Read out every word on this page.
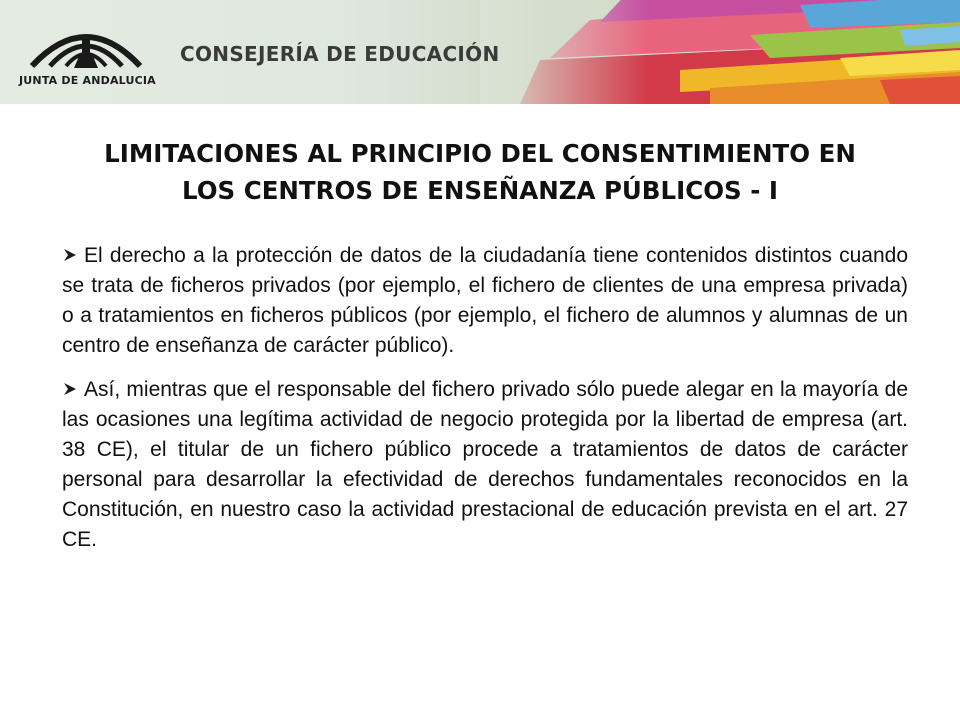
JUNTA DE ANDALUCIA
CONSEJERÍA DE EDUCACIÓN
LIMITACIONES AL PRINCIPIO DEL CONSENTIMIENTO EN
LOS CENTROS DE ENSEÑANZA PÚBLICOS - I

El derecho a la protección de datos de la ciudadanía tiene contenidos distintos cuando se trata de ficheros privados (por ejemplo, el fichero de clientes de una empresa privada) o a tratamientos en ficheros públicos (por ejemplo, el fichero de alumnos y alumnas de un centro de enseñanza de carácter público).

Así, mientras que el responsable del fichero privado sólo puede alegar en la mayoría de las ocasiones una legítima actividad de negocio protegida por la libertad de empresa (art. 38 CE), el titular de un fichero público procede a tratamientos de datos de carácter personal para desarrollar la efectividad de derechos fundamentales reconocidos en la Constitución, en nuestro caso la actividad prestacional de educación prevista en el art. 27 CE.
